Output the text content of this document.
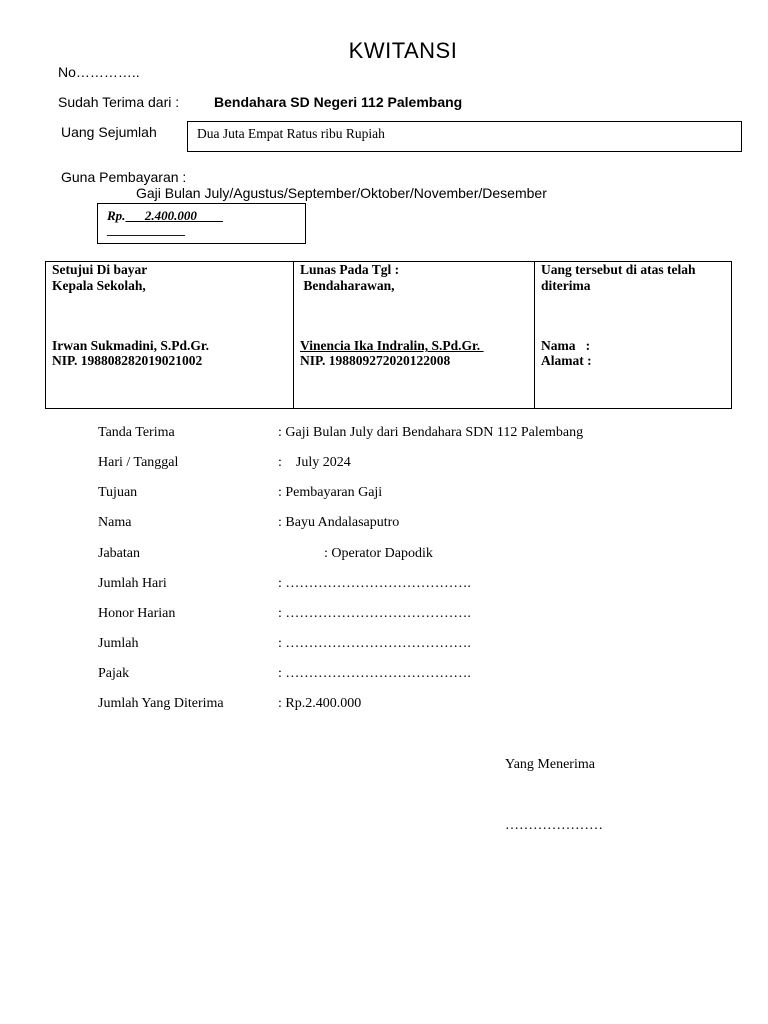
KWITANSI
No…………..
Sudah Terima dari : Bendahara SD Negeri 112 Palembang
Uang Sejumlah	Dua Juta Empat Ratus ribu Rupiah
Guna Pembayaran :
Gaji Bulan July/Agustus/September/Oktober/November/Desember
Rp. 2.400.000
____________
Setujui Di bayar
Kepala Sekolah,
Irwan Sukmadini, S.Pd.Gr.
NIP. 198808282019021002

Lunas Pada Tgl :
Bendaharawan,
Vinencia Ika Indralin, S.Pd.Gr.
NIP. 198809272020122008

Uang tersebut di atas telah
diterima
Nama   :
Alamat :
Tanda Terima	: Gaji Bulan July dari Bendahara SDN 112 Palembang
Hari / Tanggal	:    July 2024
Tujuan	: Pembayaran Gaji
Nama	: Bayu Andalasaputro
Jabatan	: Operator Dapodik
Jumlah Hari	: ………………………………….
Honor Harian	: ………………………………….
Jumlah	: ………………………………….
Pajak	: ………………………………….
Jumlah Yang Diterima	: Rp.2.400.000
Yang Menerima
…………………
